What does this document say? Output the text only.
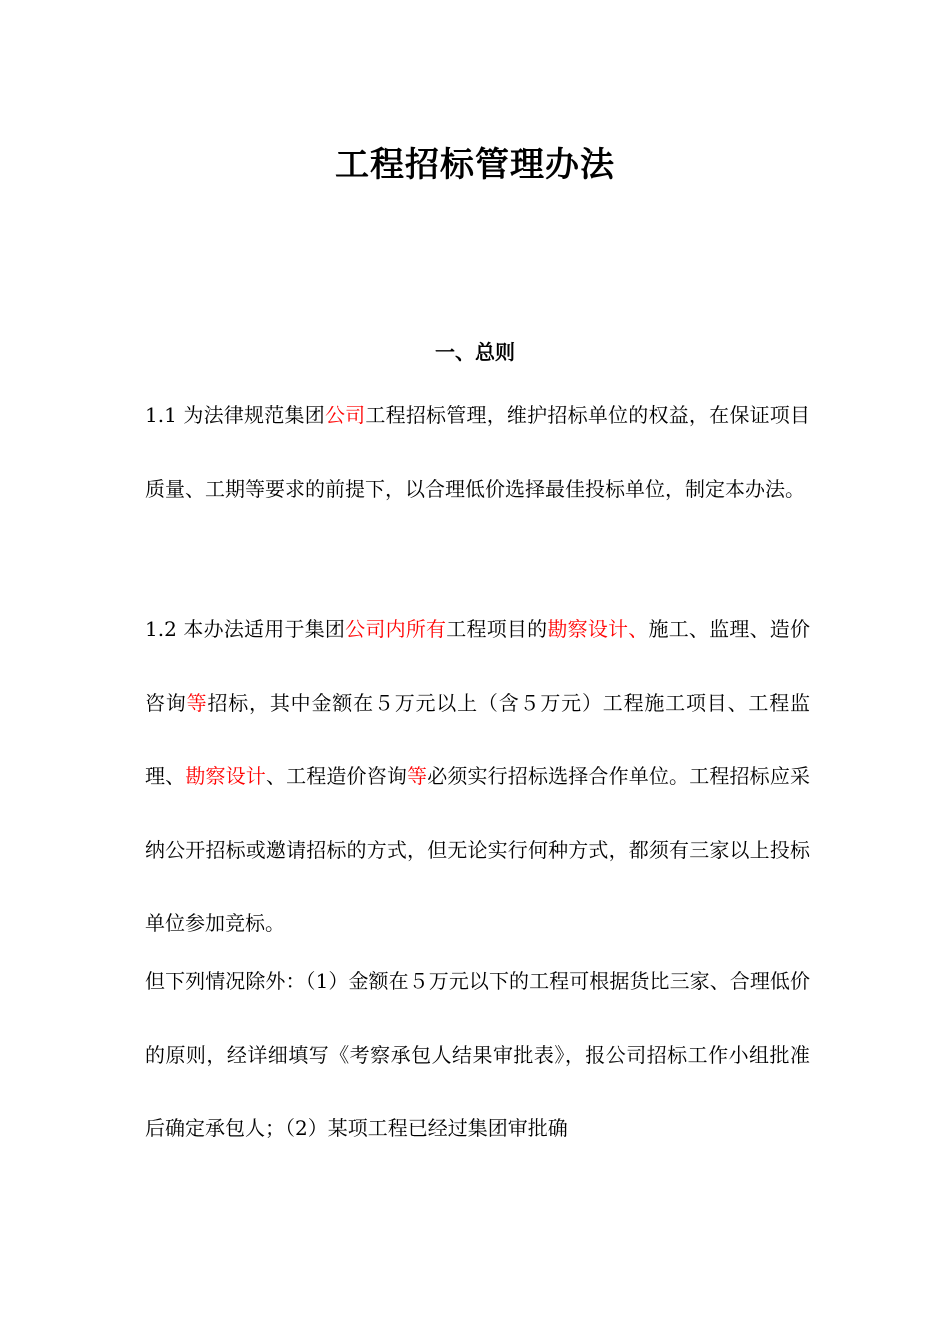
工程招标管理办法
一、总则

1.1 为法律规范集团公司工程招标管理，维护招标单位的权益，在保证项目质量、工期等要求的前提下，以合理低价选择最佳投标单位，制定本办法。

1.2 本办法适用于集团公司内所有工程项目的勘察设计、施工、监理、造价咨询等招标，其中金额在５万元以上（含５万元）工程施工项目、工程监理、勘察设计、工程造价咨询等必须实行招标选择合作单位。工程招标应采纳公开招标或邀请招标的方式，但无论实行何种方式，都须有三家以上投标单位参加竞标。

但下列情况除外：（1）金额在５万元以下的工程可根据货比三家、合理低价的原则，经详细填写《考察承包人结果审批表》，报公司招标工作小组批准后确定承包人；（2）某项工程已经过集团审批确
